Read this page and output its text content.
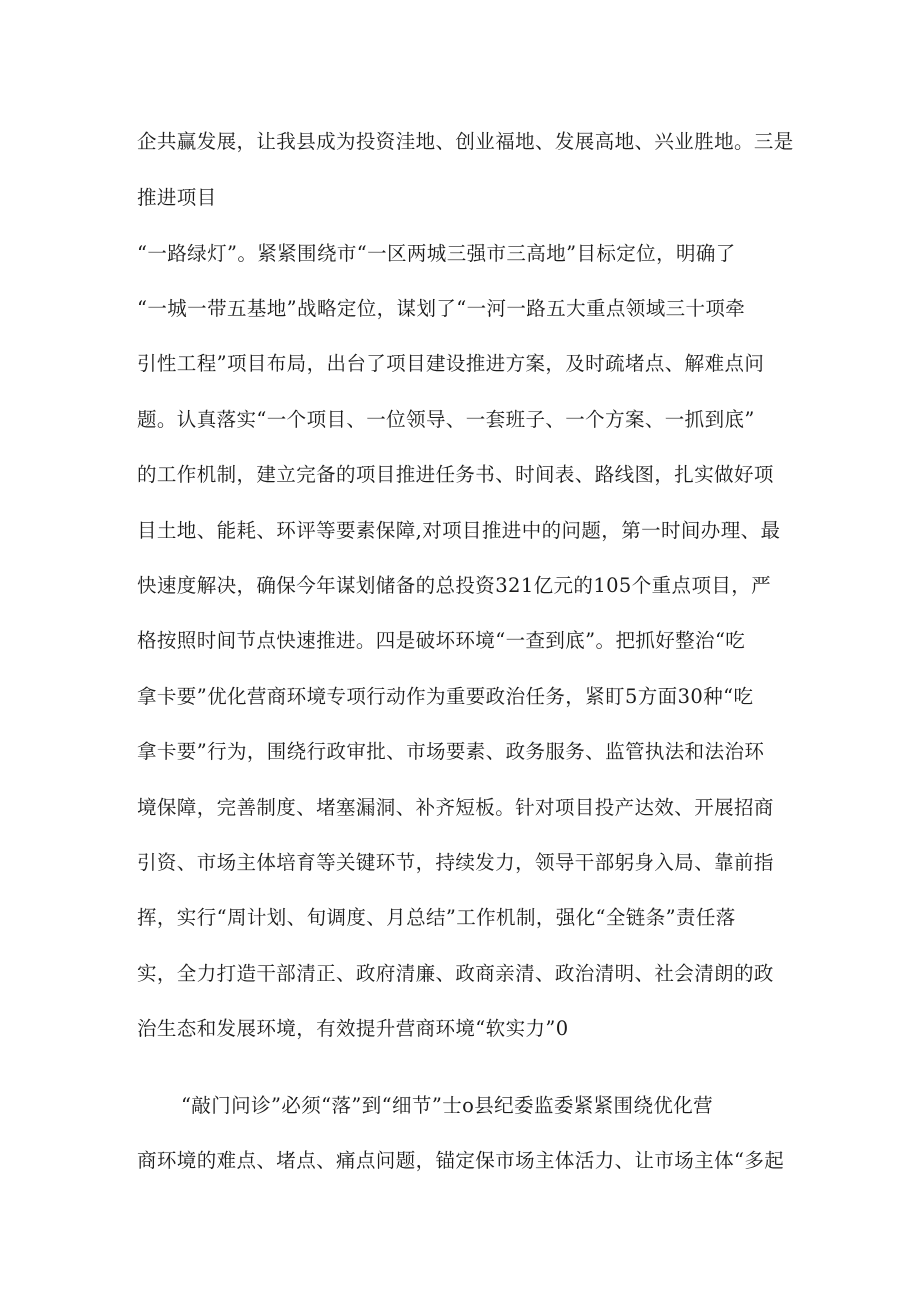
企共赢发展，让我县成为投资洼地、创业福地、发展高地、兴业胜地。三是
推进项目
“一路绿灯”。紧紧围绕市“一区两城三强市三高地”目标定位，明确了
“一城一带五基地”战略定位，谋划了“一河一路五大重点领域三十项牵
引性工程”项目布局，出台了项目建设推进方案，及时疏堵点、解难点问
题。认真落实“一个项目、一位领导、一套班子、一个方案、一抓到底”
的工作机制，建立完备的项目推进任务书、时间表、路线图，扎实做好项
目土地、能耗、环评等要素保障,对项目推进中的问题，第一时间办理、最
快速度解决，确保今年谋划储备的总投资321亿元的105个重点项目，严
格按照时间节点快速推进。四是破坏环境“一查到底”。把抓好整治“吃
拿卡要”优化营商环境专项行动作为重要政治任务，紧盯5方面30种“吃
拿卡要”行为，围绕行政审批、市场要素、政务服务、监管执法和法治环
境保障，完善制度、堵塞漏洞、补齐短板。针对项目投产达效、开展招商
引资、市场主体培育等关键环节，持续发力，领导干部躬身入局、靠前指
挥，实行“周计划、旬调度、月总结”工作机制，强化“全链条”责任落
实，全力打造干部清正、政府清廉、政商亲清、政治清明、社会清朗的政
治生态和发展环境，有效提升营商环境“软实力”0
“敲门问诊”必须“落”到“细节”士o县纪委监委紧紧围绕优化营
商环境的难点、堵点、痛点问题，锚定保市场主体活力、让市场主体“多起
